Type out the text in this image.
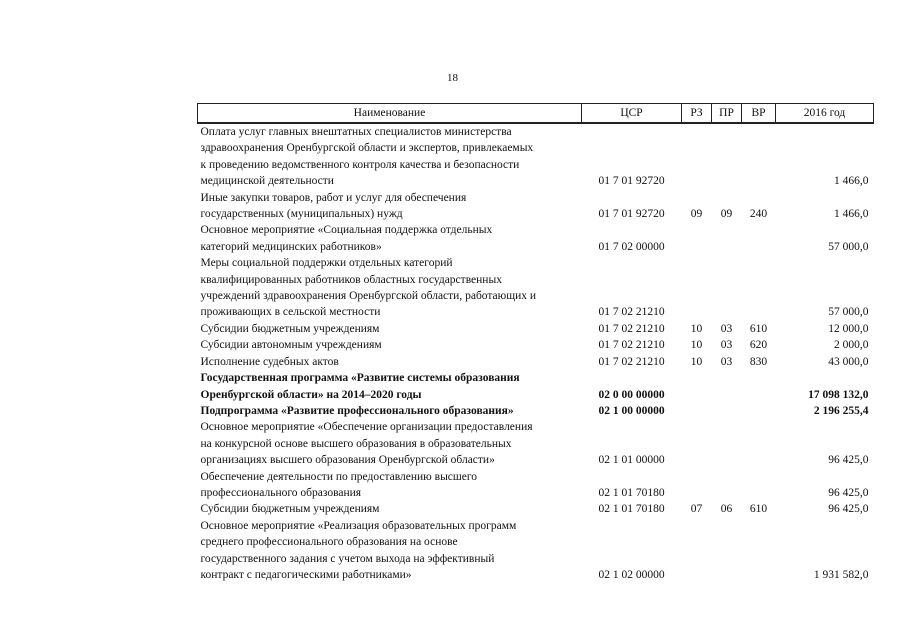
18
Наименование	ЦСР	РЗ	ПР	ВР	2016 год

Оплата услуг главных внештатных специалистов министерства
здравоохранения Оренбургской области и экспертов, привлекаемых
к проведению ведомственного контроля качества и безопасности
медицинской деятельности	01 7 01 92720				1 466,0

Иные закупки товаров, работ и услуг для обеспечения
государственных (муниципальных) нужд	01 7 01 92720	09	09	240	1 466,0

Основное мероприятие «Социальная поддержка отдельных
категорий медицинских работников»	01 7 02 00000				57 000,0

Меры социальной поддержки отдельных категорий
квалифицированных работников областных государственных
учреждений здравоохранения Оренбургской области, работающих и
проживающих в сельской местности	01 7 02 21210				57 000,0

Субсидии бюджетным учреждениям	01 7 02 21210	10	03	610	12 000,0

Субсидии автономным учреждениям	01 7 02 21210	10	03	620	2 000,0

Исполнение судебных актов	01 7 02 21210	10	03	830	43 000,0

Государственная программа «Развитие системы образования
Оренбургской области» на 2014–2020 годы	02 0 00 00000				17 098 132,0

Подпрограмма «Развитие профессионального образования»	02 1 00 00000				2 196 255,4

Основное мероприятие «Обеспечение организации предоставления
на конкурсной основе высшего образования в образовательных
организациях высшего образования Оренбургской области»	02 1 01 00000				96 425,0

Обеспечение деятельности по предоставлению высшего
профессионального образования	02 1 01 70180				96 425,0

Субсидии бюджетным учреждениям	02 1 01 70180	07	06	610	96 425,0

Основное мероприятие «Реализация образовательных программ
среднего профессионального образования на основе
государственного задания с учетом выхода на эффективный
контракт с педагогическими работниками»	02 1 02 00000				1 931 582,0
